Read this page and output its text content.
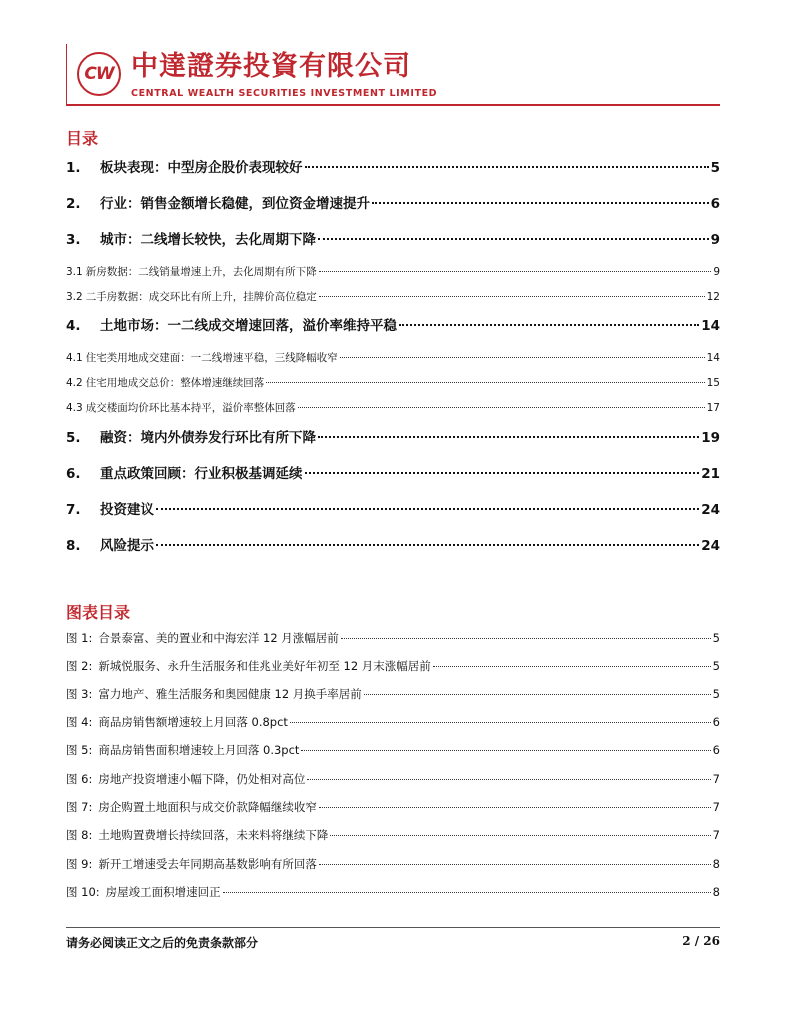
CW 中達證券投資有限公司
CENTRAL WEALTH SECURITIES INVESTMENT LIMITED
目录
1.	板块表现：中型房企股价表现较好	5
2.	行业：销售金额增长稳健，到位资金增速提升	6
3.	城市：二线增长较快，去化周期下降	9
3.1 新房数据：二线销量增速上升，去化周期有所下降	9
3.2 二手房数据：成交环比有所上升，挂牌价高位稳定	12
4.	土地市场：一二线成交增速回落，溢价率维持平稳	14
4.1 住宅类用地成交建面：一二线增速平稳，三线降幅收窄	14
4.2 住宅用地成交总价：整体增速继续回落	15
4.3 成交楼面均价环比基本持平，溢价率整体回落	17
5.	融资：境内外债券发行环比有所下降	19
6.	重点政策回顾：行业积极基调延续	21
7.	投资建议	24
8.	风险提示	24
图表目录
图 1: 合景泰富、美的置业和中海宏洋 12 月涨幅居前	5
图 2: 新城悦服务、永升生活服务和佳兆业美好年初至 12 月末涨幅居前	5
图 3: 富力地产、雅生活服务和奥园健康 12 月换手率居前	5
图 4: 商品房销售额增速较上月回落 0.8pct	6
图 5: 商品房销售面积增速较上月回落 0.3pct	6
图 6: 房地产投资增速小幅下降，仍处相对高位	7
图 7: 房企购置土地面积与成交价款降幅继续收窄	7
图 8: 土地购置费增长持续回落，未来料将继续下降	7
图 9: 新开工增速受去年同期高基数影响有所回落	8
图 10: 房屋竣工面积增速回正	8
请务必阅读正文之后的免责条款部分	2 / 26
